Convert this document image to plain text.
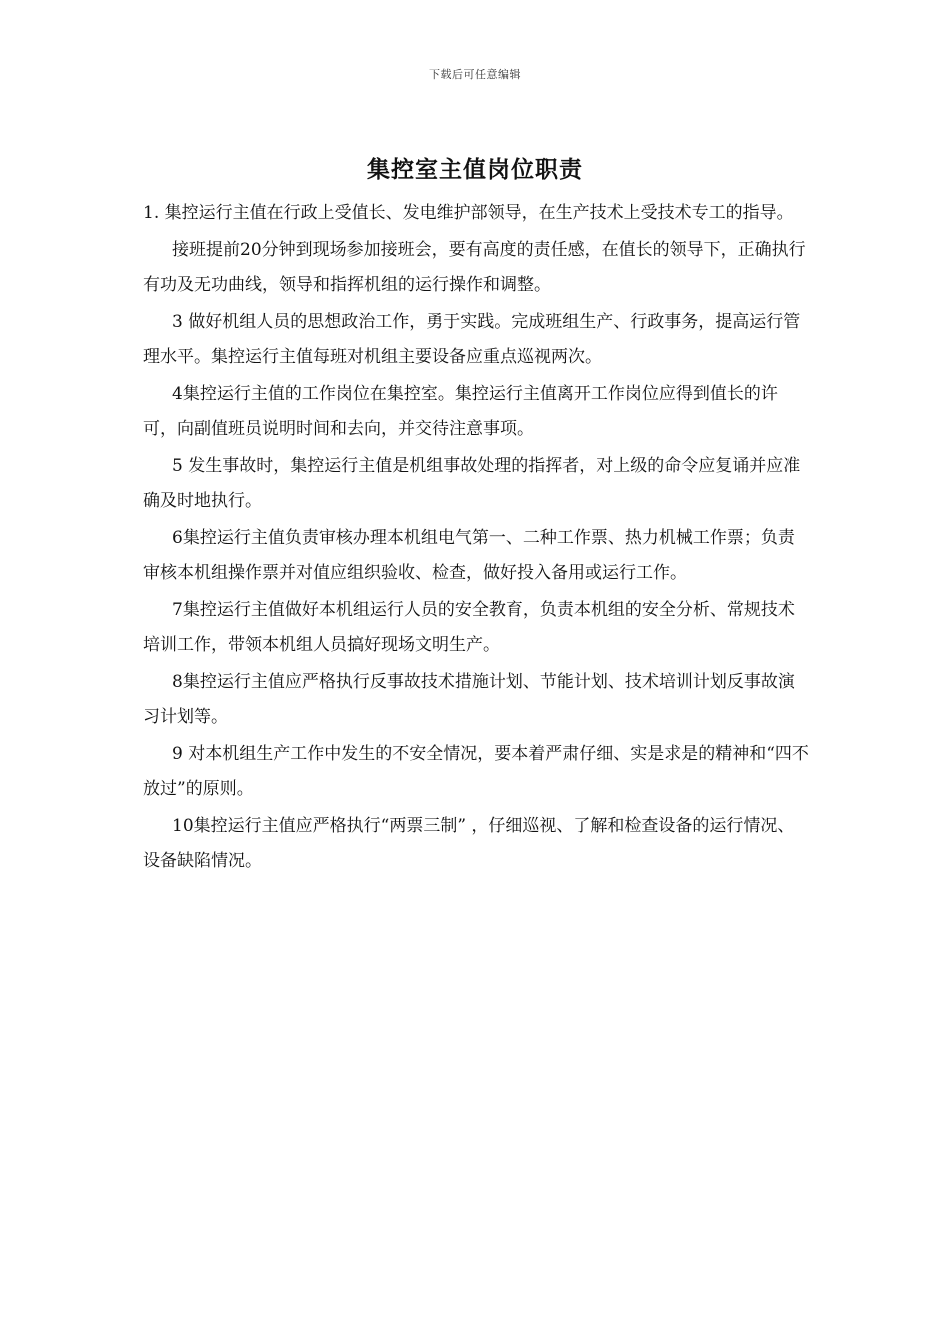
下载后可任意编辑
集控室主值岗位职责

1. 集控运行主值在行政上受值长、发电维护部领导，在生产技术上受技术专工的指导。

接班提前20分钟到现场参加接班会，要有高度的责任感，在值长的领导下，正确执行有功及无功曲线，领导和指挥机组的运行操作和调整。

3 做好机组人员的思想政治工作，勇于实践。完成班组生产、行政事务，提高运行管理水平。集控运行主值每班对机组主要设备应重点巡视两次。

4集控运行主值的工作岗位在集控室。集控运行主值离开工作岗位应得到值长的许可，向副值班员说明时间和去向，并交待注意事项。

5 发生事故时，集控运行主值是机组事故处理的指挥者，对上级的命令应复诵并应准确及时地执行。

6集控运行主值负责审核办理本机组电气第一、二种工作票、热力机械工作票；负责审核本机组操作票并对值应组织验收、检查，做好投入备用或运行工作。

7集控运行主值做好本机组运行人员的安全教育，负责本机组的安全分析、常规技术培训工作，带领本机组人员搞好现场文明生产。

8集控运行主值应严格执行反事故技术措施计划、节能计划、技术培训计划反事故演习计划等。

9 对本机组生产工作中发生的不安全情况，要本着严肃仔细、实是求是的精神和“四不放过”的原则。

10集控运行主值应严格执行“两票三制” ，仔细巡视、了解和检查设备的运行情况、设备缺陷情况。
